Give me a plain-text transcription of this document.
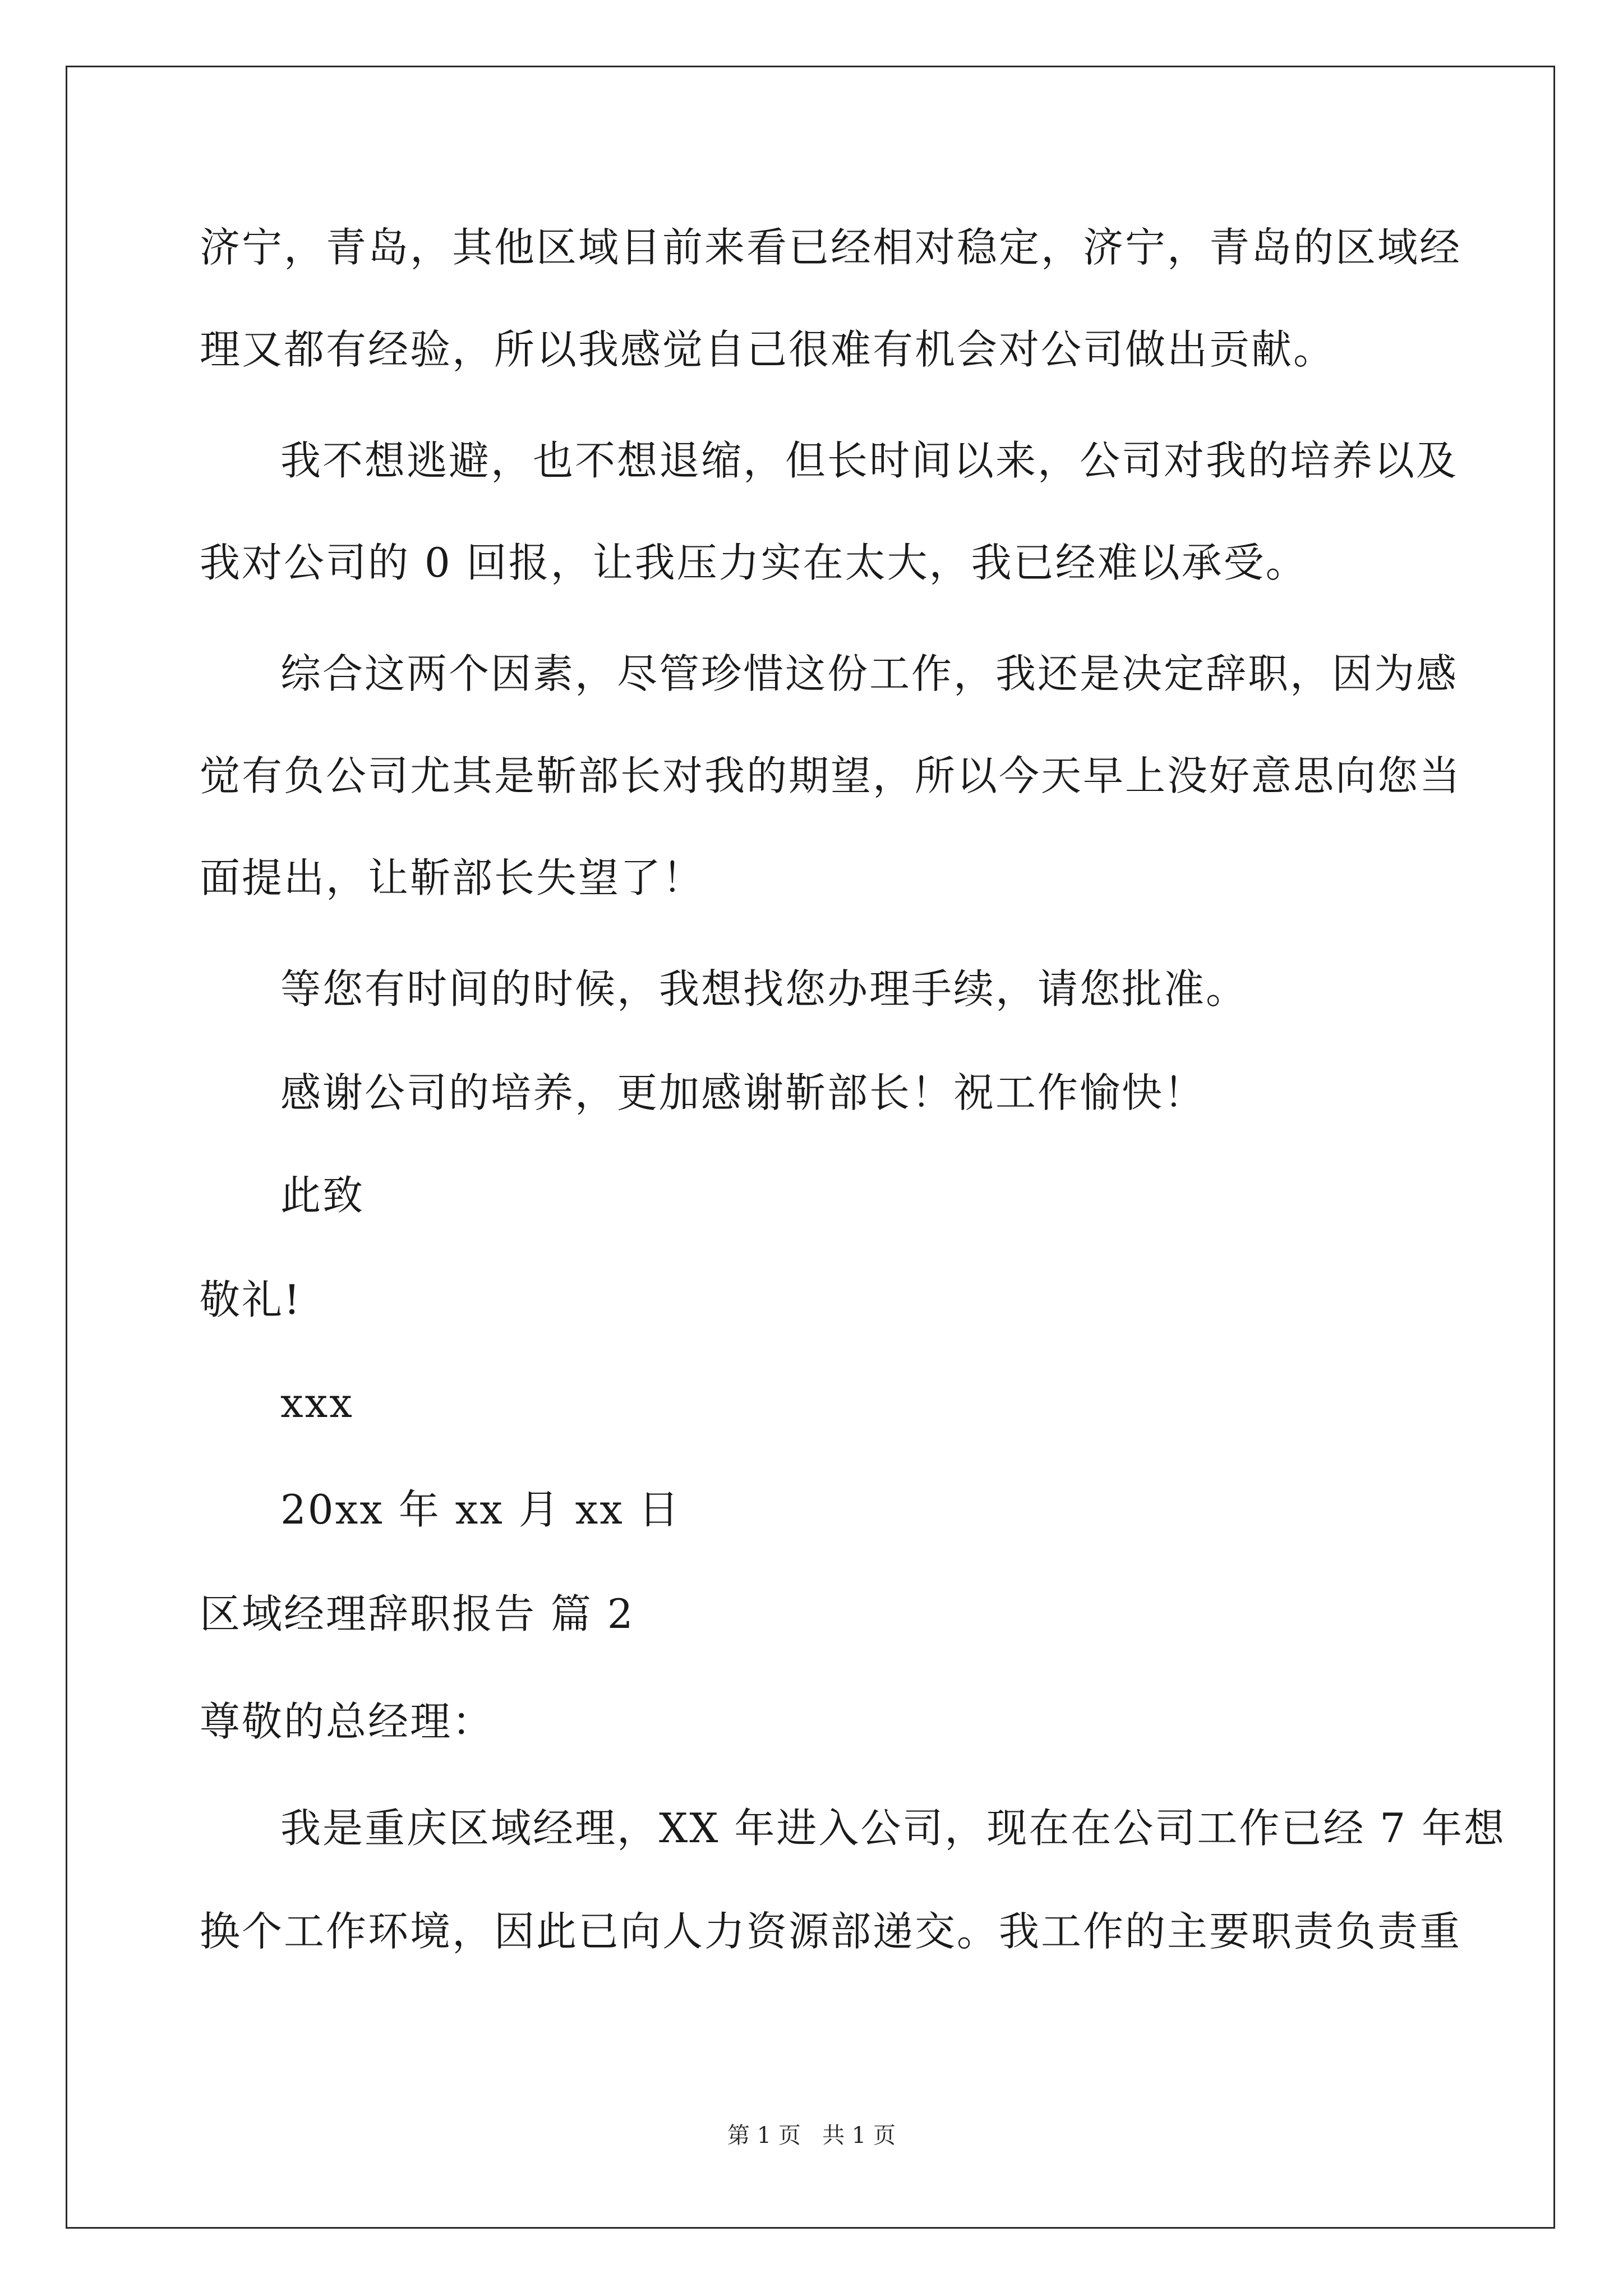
济宁，青岛，其他区域目前来看已经相对稳定，济宁，青岛的区域经
理又都有经验，所以我感觉自己很难有机会对公司做出贡献。
我不想逃避，也不想退缩，但长时间以来，公司对我的培养以及
我对公司的 0 回报，让我压力实在太大，我已经难以承受。
综合这两个因素，尽管珍惜这份工作，我还是决定辞职，因为感
觉有负公司尤其是靳部长对我的期望，所以今天早上没好意思向您当
面提出，让靳部长失望了！
等您有时间的时候，我想找您办理手续，请您批准。
感谢公司的培养，更加感谢靳部长！祝工作愉快！
此致
敬礼!
xxx
20xx 年 xx 月 xx 日
区域经理辞职报告 篇 2
尊敬的总经理：
我是重庆区域经理，XX 年进入公司，现在在公司工作已经 7 年想
换个工作环境，因此已向人力资源部递交。我工作的主要职责负责重
第 1 页   共 1 页
